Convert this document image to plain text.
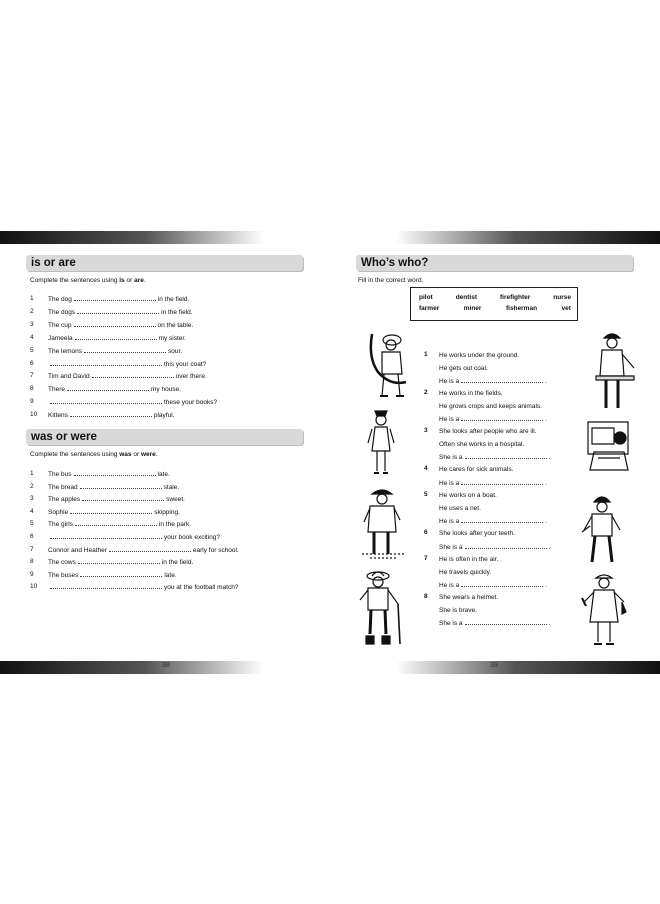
38	39
is or are
Complete the sentences using is or are.
1	The dog	in the field.
2	The dogs	in the field.
3	The cup	on the table.
4	Jameela	my sister.
5	The lemons	sour.
6	this your coat?
7	Tim and David	over there.
8	There	my house.
9	these your books?
10	Kittens	playful.
was or were
Complete the sentences using was or were.
1	The bus	late.
2	The bread	stale.
3	The apples	sweet.
4	Sophie	skipping.
5	The girls	in the park.
6	your book exciting?
7	Connor and Heather	early for school.
8	The cows	in the field.
9	The buses	late.
10	you at the football match?
Who’s who?
Fill in the correct word.
pilot	dentist	firefighter	nurse
farmer	miner	fisherman	vet
1 He works under the ground.
He gets out coal.
He is a	.
2 He works in the fields.
He grows crops and keeps animals.
He is a	.
3 She looks after people who are ill.
Often she works in a hospital.
She is a	.
4 He cares for sick animals.
He is a	.
5 He works on a boat.
He uses a net.
He is a	.
6 She looks after your teeth.
She is a	.
7 He is often in the air.
He travels quickly.
He is a	.
8 She wears a helmet.
She is brave.
She is a	.
